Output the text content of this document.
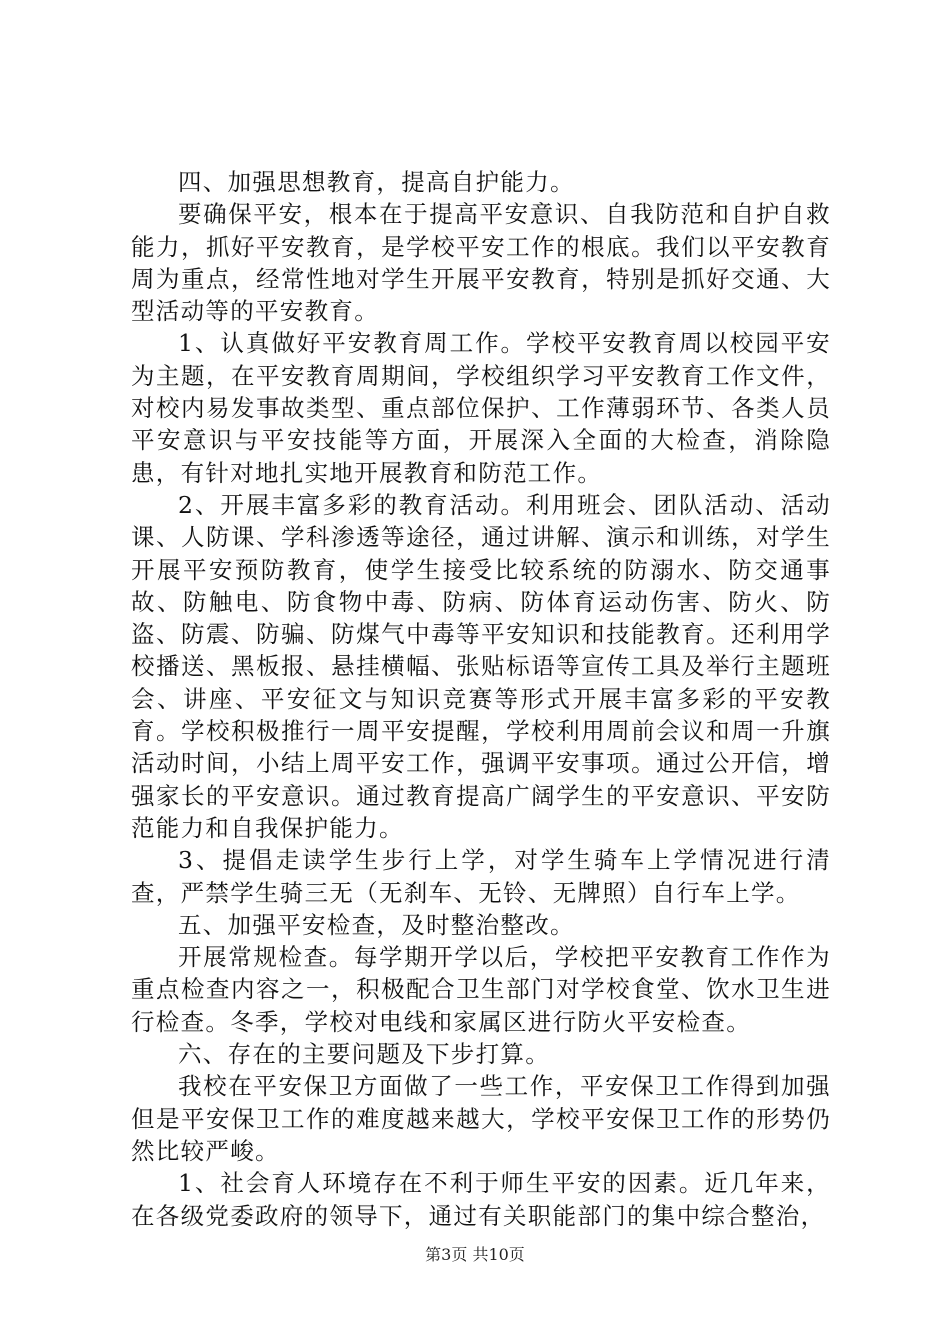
四、加强思想教育，提高自护能力。

要确保平安，根本在于提高平安意识、自我防范和自护自救能力，抓好平安教育，是学校平安工作的根底。我们以平安教育周为重点，经常性地对学生开展平安教育，特别是抓好交通、大型活动等的平安教育。

1、认真做好平安教育周工作。学校平安教育周以校园平安为主题，在平安教育周期间，学校组织学习平安教育工作文件，对校内易发事故类型、重点部位保护、工作薄弱环节、各类人员平安意识与平安技能等方面，开展深入全面的大检查，消除隐患，有针对地扎实地开展教育和防范工作。

2、开展丰富多彩的教育活动。利用班会、团队活动、活动课、人防课、学科渗透等途径，通过讲解、演示和训练，对学生开展平安预防教育，使学生接受比较系统的防溺水、防交通事故、防触电、防食物中毒、防病、防体育运动伤害、防火、防盗、防震、防骗、防煤气中毒等平安知识和技能教育。还利用学校播送、黑板报、悬挂横幅、张贴标语等宣传工具及举行主题班会、讲座、平安征文与知识竞赛等形式开展丰富多彩的平安教育。学校积极推行一周平安提醒，学校利用周前会议和周一升旗活动时间，小结上周平安工作，强调平安事项。通过公开信，增强家长的平安意识。通过教育提高广阔学生的平安意识、平安防范能力和自我保护能力。

3、提倡走读学生步行上学，对学生骑车上学情况进行清查，严禁学生骑三无（无刹车、无铃、无牌照）自行车上学。

五、加强平安检查，及时整治整改。

开展常规检查。每学期开学以后，学校把平安教育工作作为重点检查内容之一，积极配合卫生部门对学校食堂、饮水卫生进行检查。冬季，学校对电线和家属区进行防火平安检查。

六、存在的主要问题及下步打算。

我校在平安保卫方面做了一些工作，平安保卫工作得到加强但是平安保卫工作的难度越来越大，学校平安保卫工作的形势仍然比较严峻。

1、社会育人环境存在不利于师生平安的因素。近几年来，在各级党委政府的领导下，通过有关职能部门的集中综合整治，

第3页 共10页
